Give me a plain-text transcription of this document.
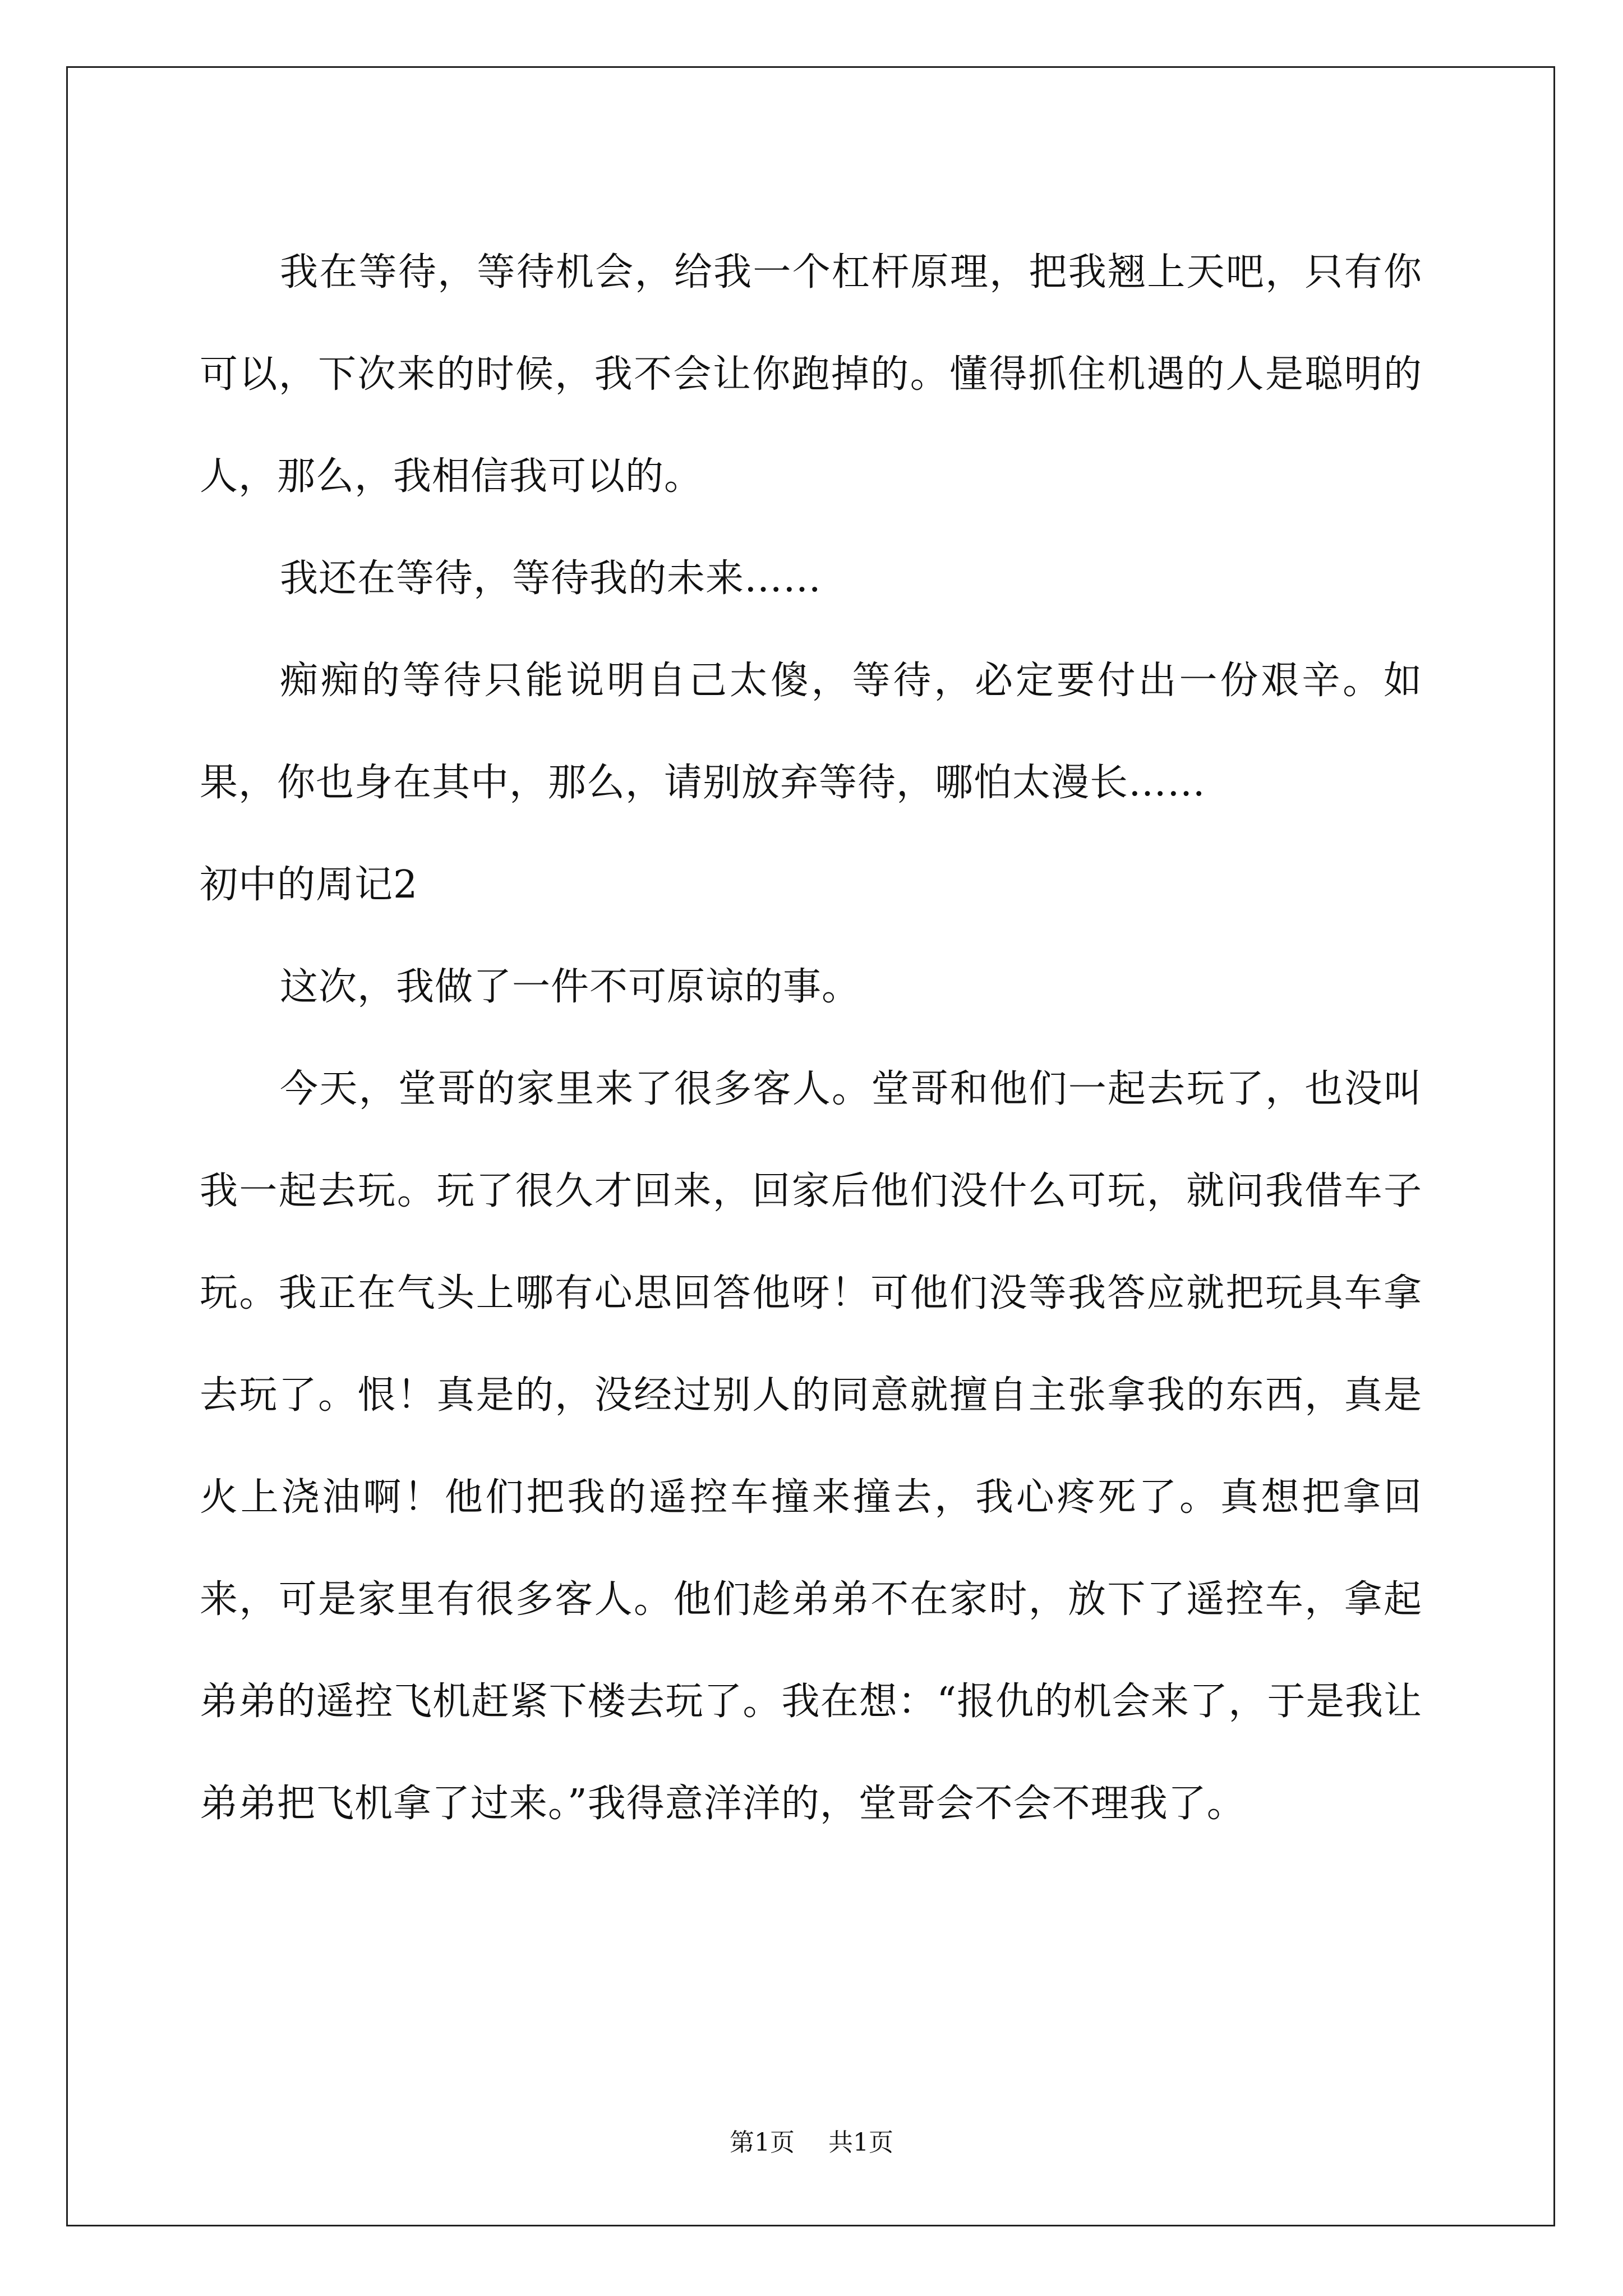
我在等待，等待机会，给我一个杠杆原理，把我翘上天吧，只有你可以，下次来的时候，我不会让你跑掉的。懂得抓住机遇的人是聪明的人，那么，我相信我可以的。

我还在等待，等待我的未来……

痴痴的等待只能说明自己太傻，等待，必定要付出一份艰辛。如果，你也身在其中，那么，请别放弃等待，哪怕太漫长……

初中的周记2

这次，我做了一件不可原谅的事。

今天，堂哥的家里来了很多客人。堂哥和他们一起去玩了，也没叫我一起去玩。玩了很久才回来，回家后他们没什么可玩，就问我借车子玩。我正在气头上哪有心思回答他呀！可他们没等我答应就把玩具车拿去玩了。恨！真是的，没经过别人的同意就擅自主张拿我的东西，真是火上浇油啊！他们把我的遥控车撞来撞去，我心疼死了。真想把拿回来，可是家里有很多客人。他们趁弟弟不在家时，放下了遥控车，拿起弟弟的遥控飞机赶紧下楼去玩了。我在想：“报仇的机会来了，于是我让弟弟把飞机拿了过来。”我得意洋洋的，堂哥会不会不理我了。

第1页 共1页
